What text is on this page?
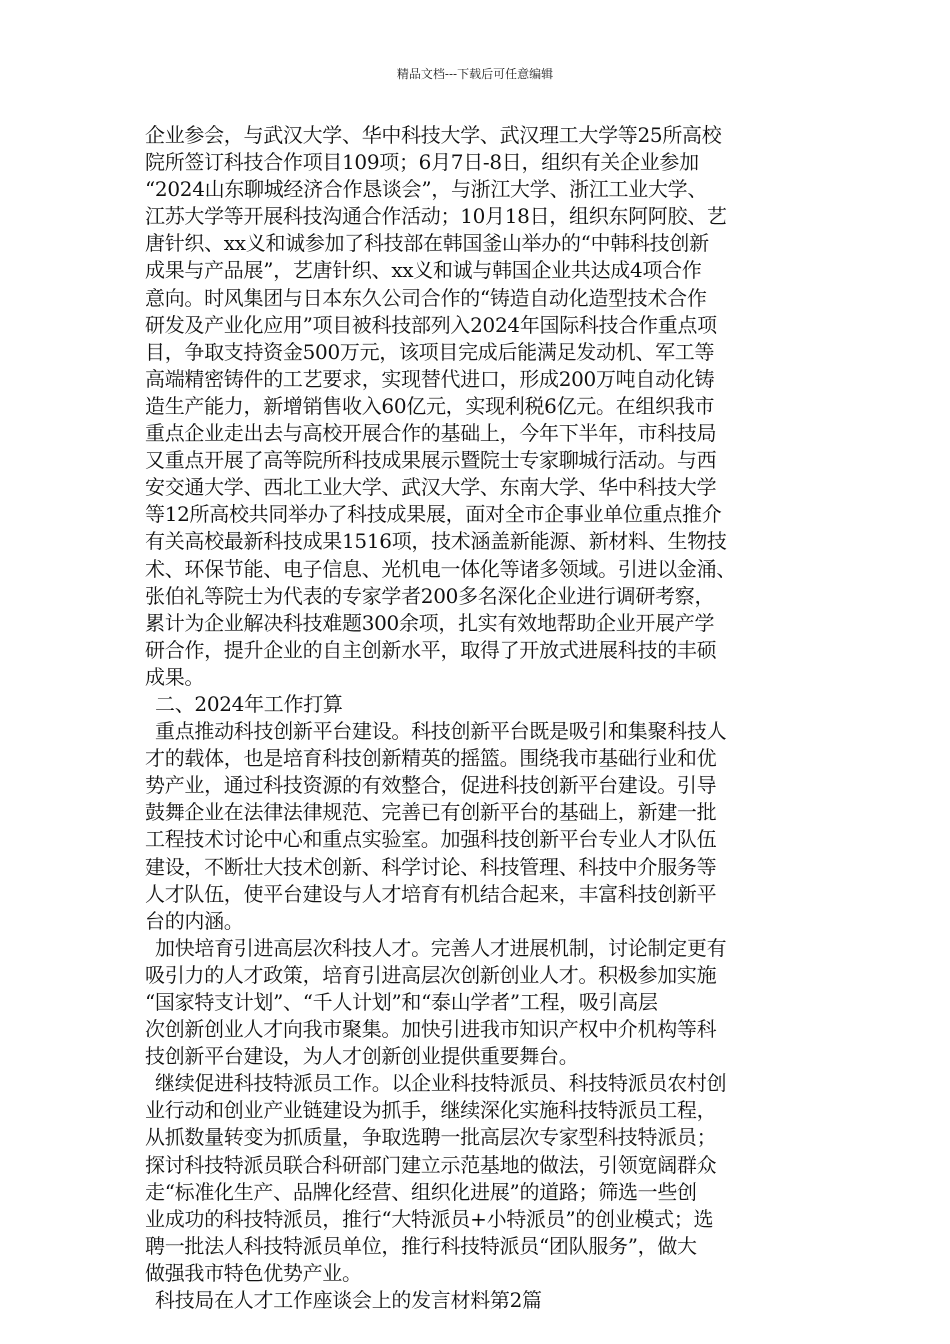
精品文档---下载后可任意编辑
企业参会，与武汉大学、华中科技大学、武汉理工大学等25所高校
院所签订科技合作项目109项；6月7日-8日，组织有关企业参加
“2024山东聊城经济合作恳谈会”，与浙江大学、浙江工业大学、
江苏大学等开展科技沟通合作活动；10月18日，组织东阿阿胶、艺
唐针织、xx义和诚参加了科技部在韩国釜山举办的“中韩科技创新
成果与产品展”，艺唐针织、xx义和诚与韩国企业共达成4项合作
意向。时风集团与日本东久公司合作的“铸造自动化造型技术合作
研发及产业化应用”项目被科技部列入2024年国际科技合作重点项
目，争取支持资金500万元，该项目完成后能满足发动机、军工等
高端精密铸件的工艺要求，实现替代进口，形成200万吨自动化铸
造生产能力，新增销售收入60亿元，实现利税6亿元。在组织我市
重点企业走出去与高校开展合作的基础上，今年下半年，市科技局
又重点开展了高等院所科技成果展示暨院士专家聊城行活动。与西
安交通大学、西北工业大学、武汉大学、东南大学、华中科技大学
等12所高校共同举办了科技成果展，面对全市企事业单位重点推介
有关高校最新科技成果1516项，技术涵盖新能源、新材料、生物技
术、环保节能、电子信息、光机电一体化等诸多领域。引进以金涌、
张伯礼等院士为代表的专家学者200多名深化企业进行调研考察，
累计为企业解决科技难题300余项，扎实有效地帮助企业开展产学
研合作，提升企业的自主创新水平，取得了开放式进展科技的丰硕
成果。
二、2024年工作打算
重点推动科技创新平台建设。科技创新平台既是吸引和集聚科技人
才的载体，也是培育科技创新精英的摇篮。围绕我市基础行业和优
势产业，通过科技资源的有效整合，促进科技创新平台建设。引导
鼓舞企业在法律法律规范、完善已有创新平台的基础上，新建一批
工程技术讨论中心和重点实验室。加强科技创新平台专业人才队伍
建设，不断壮大技术创新、科学讨论、科技管理、科技中介服务等
人才队伍，使平台建设与人才培育有机结合起来，丰富科技创新平
台的内涵。
加快培育引进高层次科技人才。完善人才进展机制，讨论制定更有
吸引力的人才政策，培育引进高层次创新创业人才。积极参加实施
“国家特支计划”、“千人计划”和“泰山学者”工程，吸引高层
次创新创业人才向我市聚集。加快引进我市知识产权中介机构等科
技创新平台建设，为人才创新创业提供重要舞台。
继续促进科技特派员工作。以企业科技特派员、科技特派员农村创
业行动和创业产业链建设为抓手，继续深化实施科技特派员工程，
从抓数量转变为抓质量，争取选聘一批高层次专家型科技特派员；
探讨科技特派员联合科研部门建立示范基地的做法，引领宽阔群众
走“标准化生产、品牌化经营、组织化进展”的道路；筛选一些创
业成功的科技特派员，推行“大特派员+小特派员”的创业模式；选
聘一批法人科技特派员单位，推行科技特派员“团队服务”，做大
做强我市特色优势产业。
科技局在人才工作座谈会上的发言材料第2篇
